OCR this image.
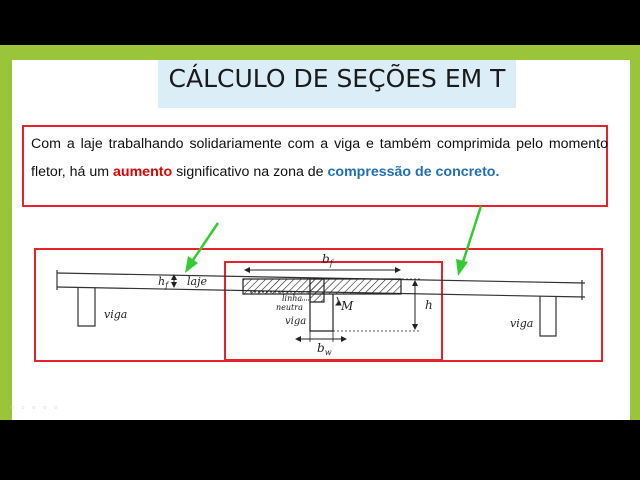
CÁLCULO DE SEÇÕES EM T
Com a laje trabalhando solidariamente com a viga e também comprimida pelo momento fletor, há um aumento significativo na zona de compressão de concreto.
$b_f$
$h_f$ laje
viga
viga	viga
linha
neutra	M	h
$b_w$
◦ ◦ ◦ ◦ ◦
